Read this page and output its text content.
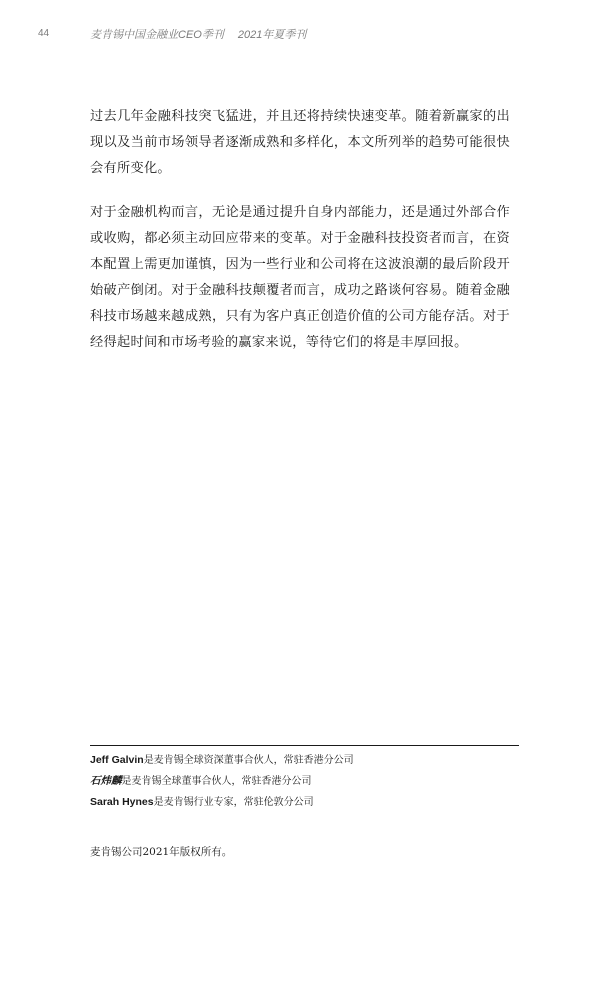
44	麦肯锡中国金融业CEO季刊 2021年夏季刊

过去几年金融科技突飞猛进，并且还将持续快速变革。随着新赢家的出现以及当前市场领导者逐渐成熟和多样化，本文所列举的趋势可能很快会有所变化。

对于金融机构而言，无论是通过提升自身内部能力，还是通过外部合作或收购，都必须主动回应带来的变革。对于金融科技投资者而言，在资本配置上需更加谨慎，因为一些行业和公司将在这波浪潮的最后阶段开始破产倒闭。对于金融科技颠覆者而言，成功之路谈何容易。随着金融科技市场越来越成熟，只有为客户真正创造价值的公司方能存活。对于经得起时间和市场考验的赢家来说，等待它们的将是丰厚回报。

Jeff Galvin是麦肯锡全球资深董事合伙人，常驻香港分公司
石炜麟是麦肯锡全球董事合伙人，常驻香港分公司
Sarah Hynes是麦肯锡行业专家，常驻伦敦分公司
麦肯锡公司2021年版权所有。
